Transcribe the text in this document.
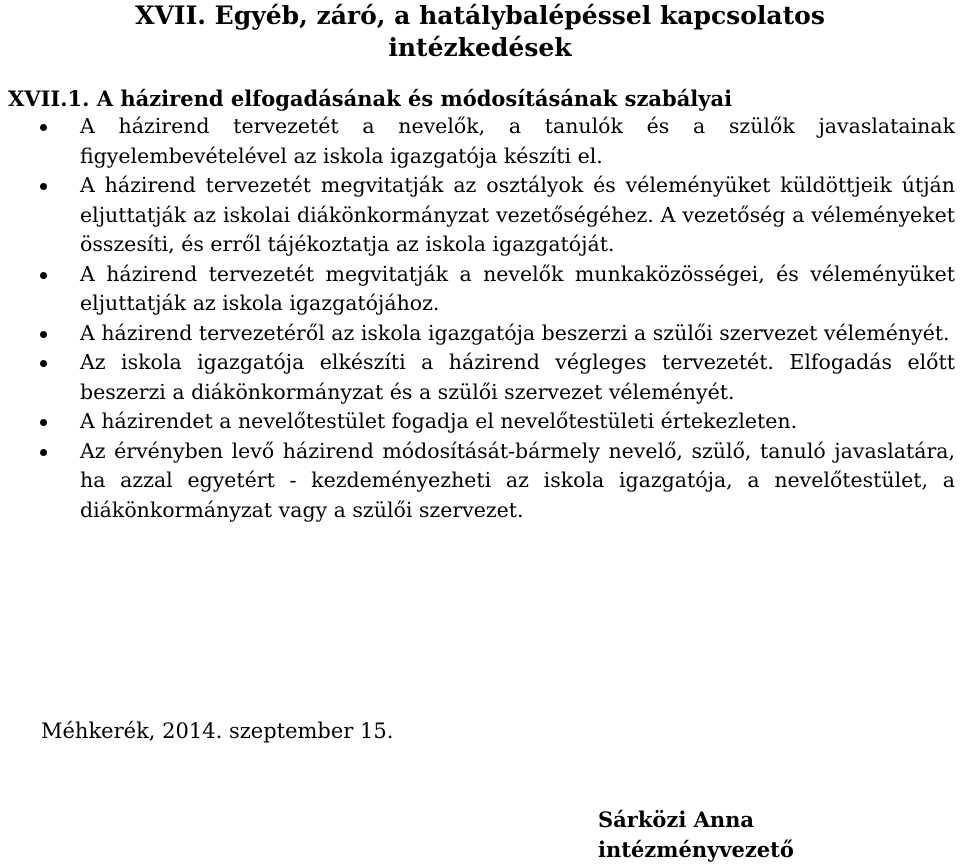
XVII. Egyéb, záró, a hatálybalépéssel kapcsolatos
intézkedések
XVII.1. A házirend elfogadásának és módosításának szabályai
A házirend tervezetét a nevelők, a tanulók és a szülők javaslatainak figyelembevételével az iskola igazgatója készíti el.
A házirend tervezetét megvitatják az osztályok és véleményüket küldöttjeik útján eljuttatják az iskolai diákönkormányzat vezetőségéhez. A vezetőség a véleményeket összesíti, és erről tájékoztatja az iskola igazgatóját.
A házirend tervezetét megvitatják a nevelők munkaközösségei, és véleményüket eljuttatják az iskola igazgatójához.
A házirend tervezetéről az iskola igazgatója beszerzi a szülői szervezet véleményét.
Az iskola igazgatója elkészíti a házirend végleges tervezetét. Elfogadás előtt beszerzi a diákönkormányzat és a szülői szervezet véleményét.
A házirendet a nevelőtestület fogadja el nevelőtestületi értekezleten.
Az érvényben levő házirend módosítását-bármely nevelő, szülő, tanuló javaslatára, ha azzal egyetért - kezdeményezheti az iskola igazgatója, a nevelőtestület, a diákönkormányzat vagy a szülői szervezet.

Méhkerék, 2014. szeptember 15.

Sárközi Anna
intézményvezető
